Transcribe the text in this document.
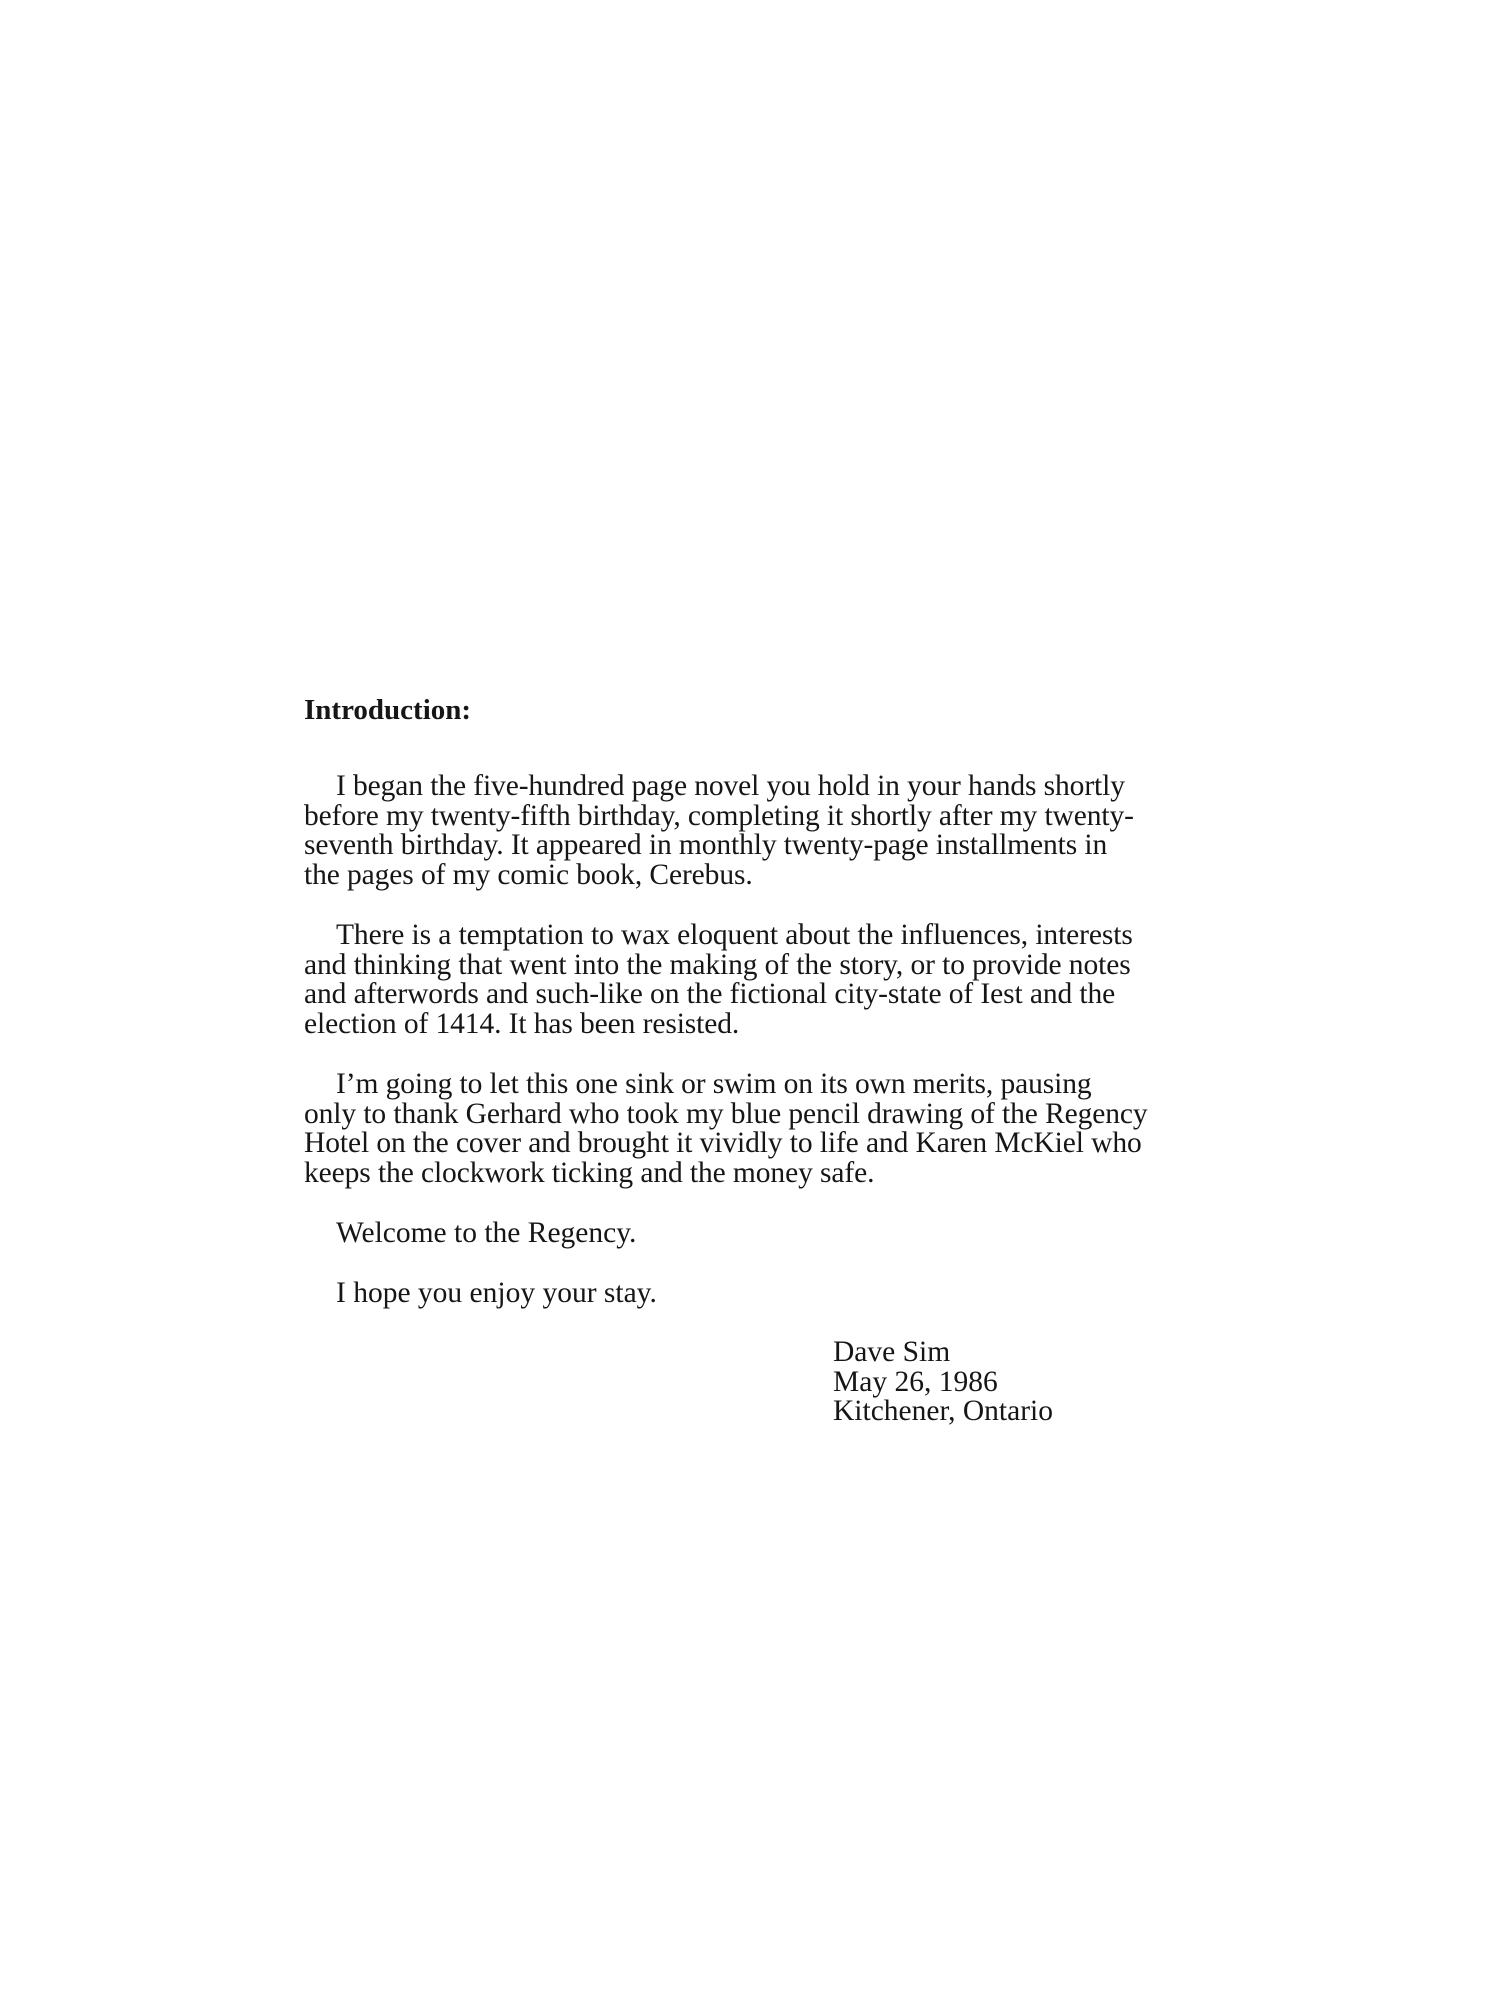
Introduction:
I began the five-hundred page novel you hold in your hands shortly
before my twenty-fifth birthday, completing it shortly after my twenty-
seventh birthday. It appeared in monthly twenty-page installments in
the pages of my comic book, Cerebus.
There is a temptation to wax eloquent about the influences, interests
and thinking that went into the making of the story, or to provide notes
and afterwords and such-like on the fictional city-state of Iest and the
election of 1414. It has been resisted.
I’m going to let this one sink or swim on its own merits, pausing
only to thank Gerhard who took my blue pencil drawing of the Regency
Hotel on the cover and brought it vividly to life and Karen McKiel who
keeps the clockwork ticking and the money safe.
Welcome to the Regency.
I hope you enjoy your stay.
Dave Sim
May 26, 1986
Kitchener, Ontario
